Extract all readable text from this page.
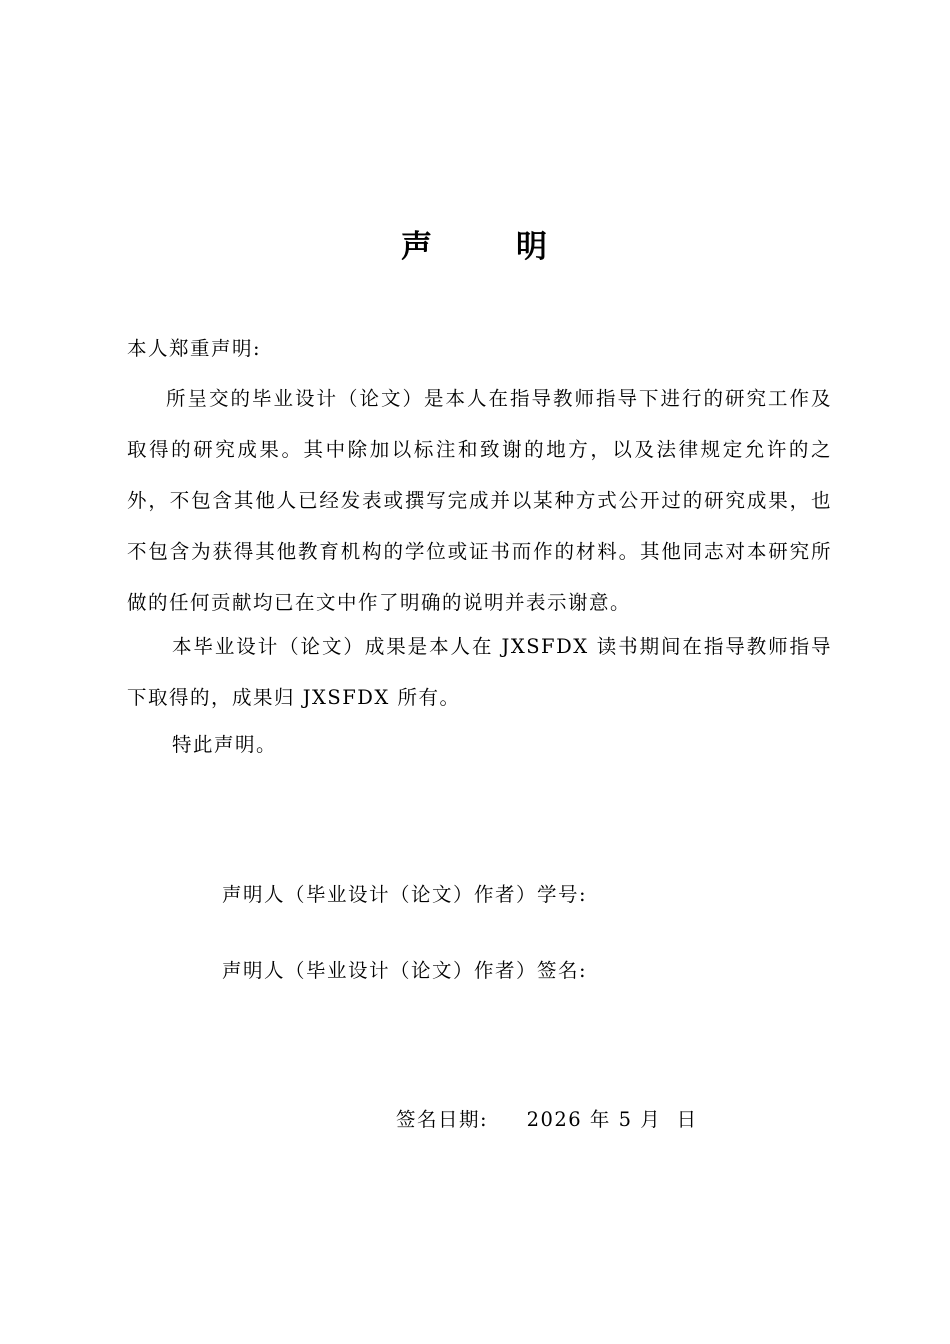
声	明

本人郑重声明:

所呈交的毕业设计（论文）是本人在指导教师指导下进行的研究工作及取得的研究成果。其中除加以标注和致谢的地方，以及法律规定允许的之外，不包含其他人已经发表或撰写完成并以某种方式公开过的研究成果，也不包含为获得其他教育机构的学位或证书而作的材料。其他同志对本研究所做的任何贡献均已在文中作了明确的说明并表示谢意。

本毕业设计（论文）成果是本人在 JXSFDX 读书期间在指导教师指导下取得的，成果归 JXSFDX 所有。

特此声明。

声明人（毕业设计（论文）作者）学号:
声明人（毕业设计（论文）作者）签名:
签名日期: 2026 年 5 月  日
